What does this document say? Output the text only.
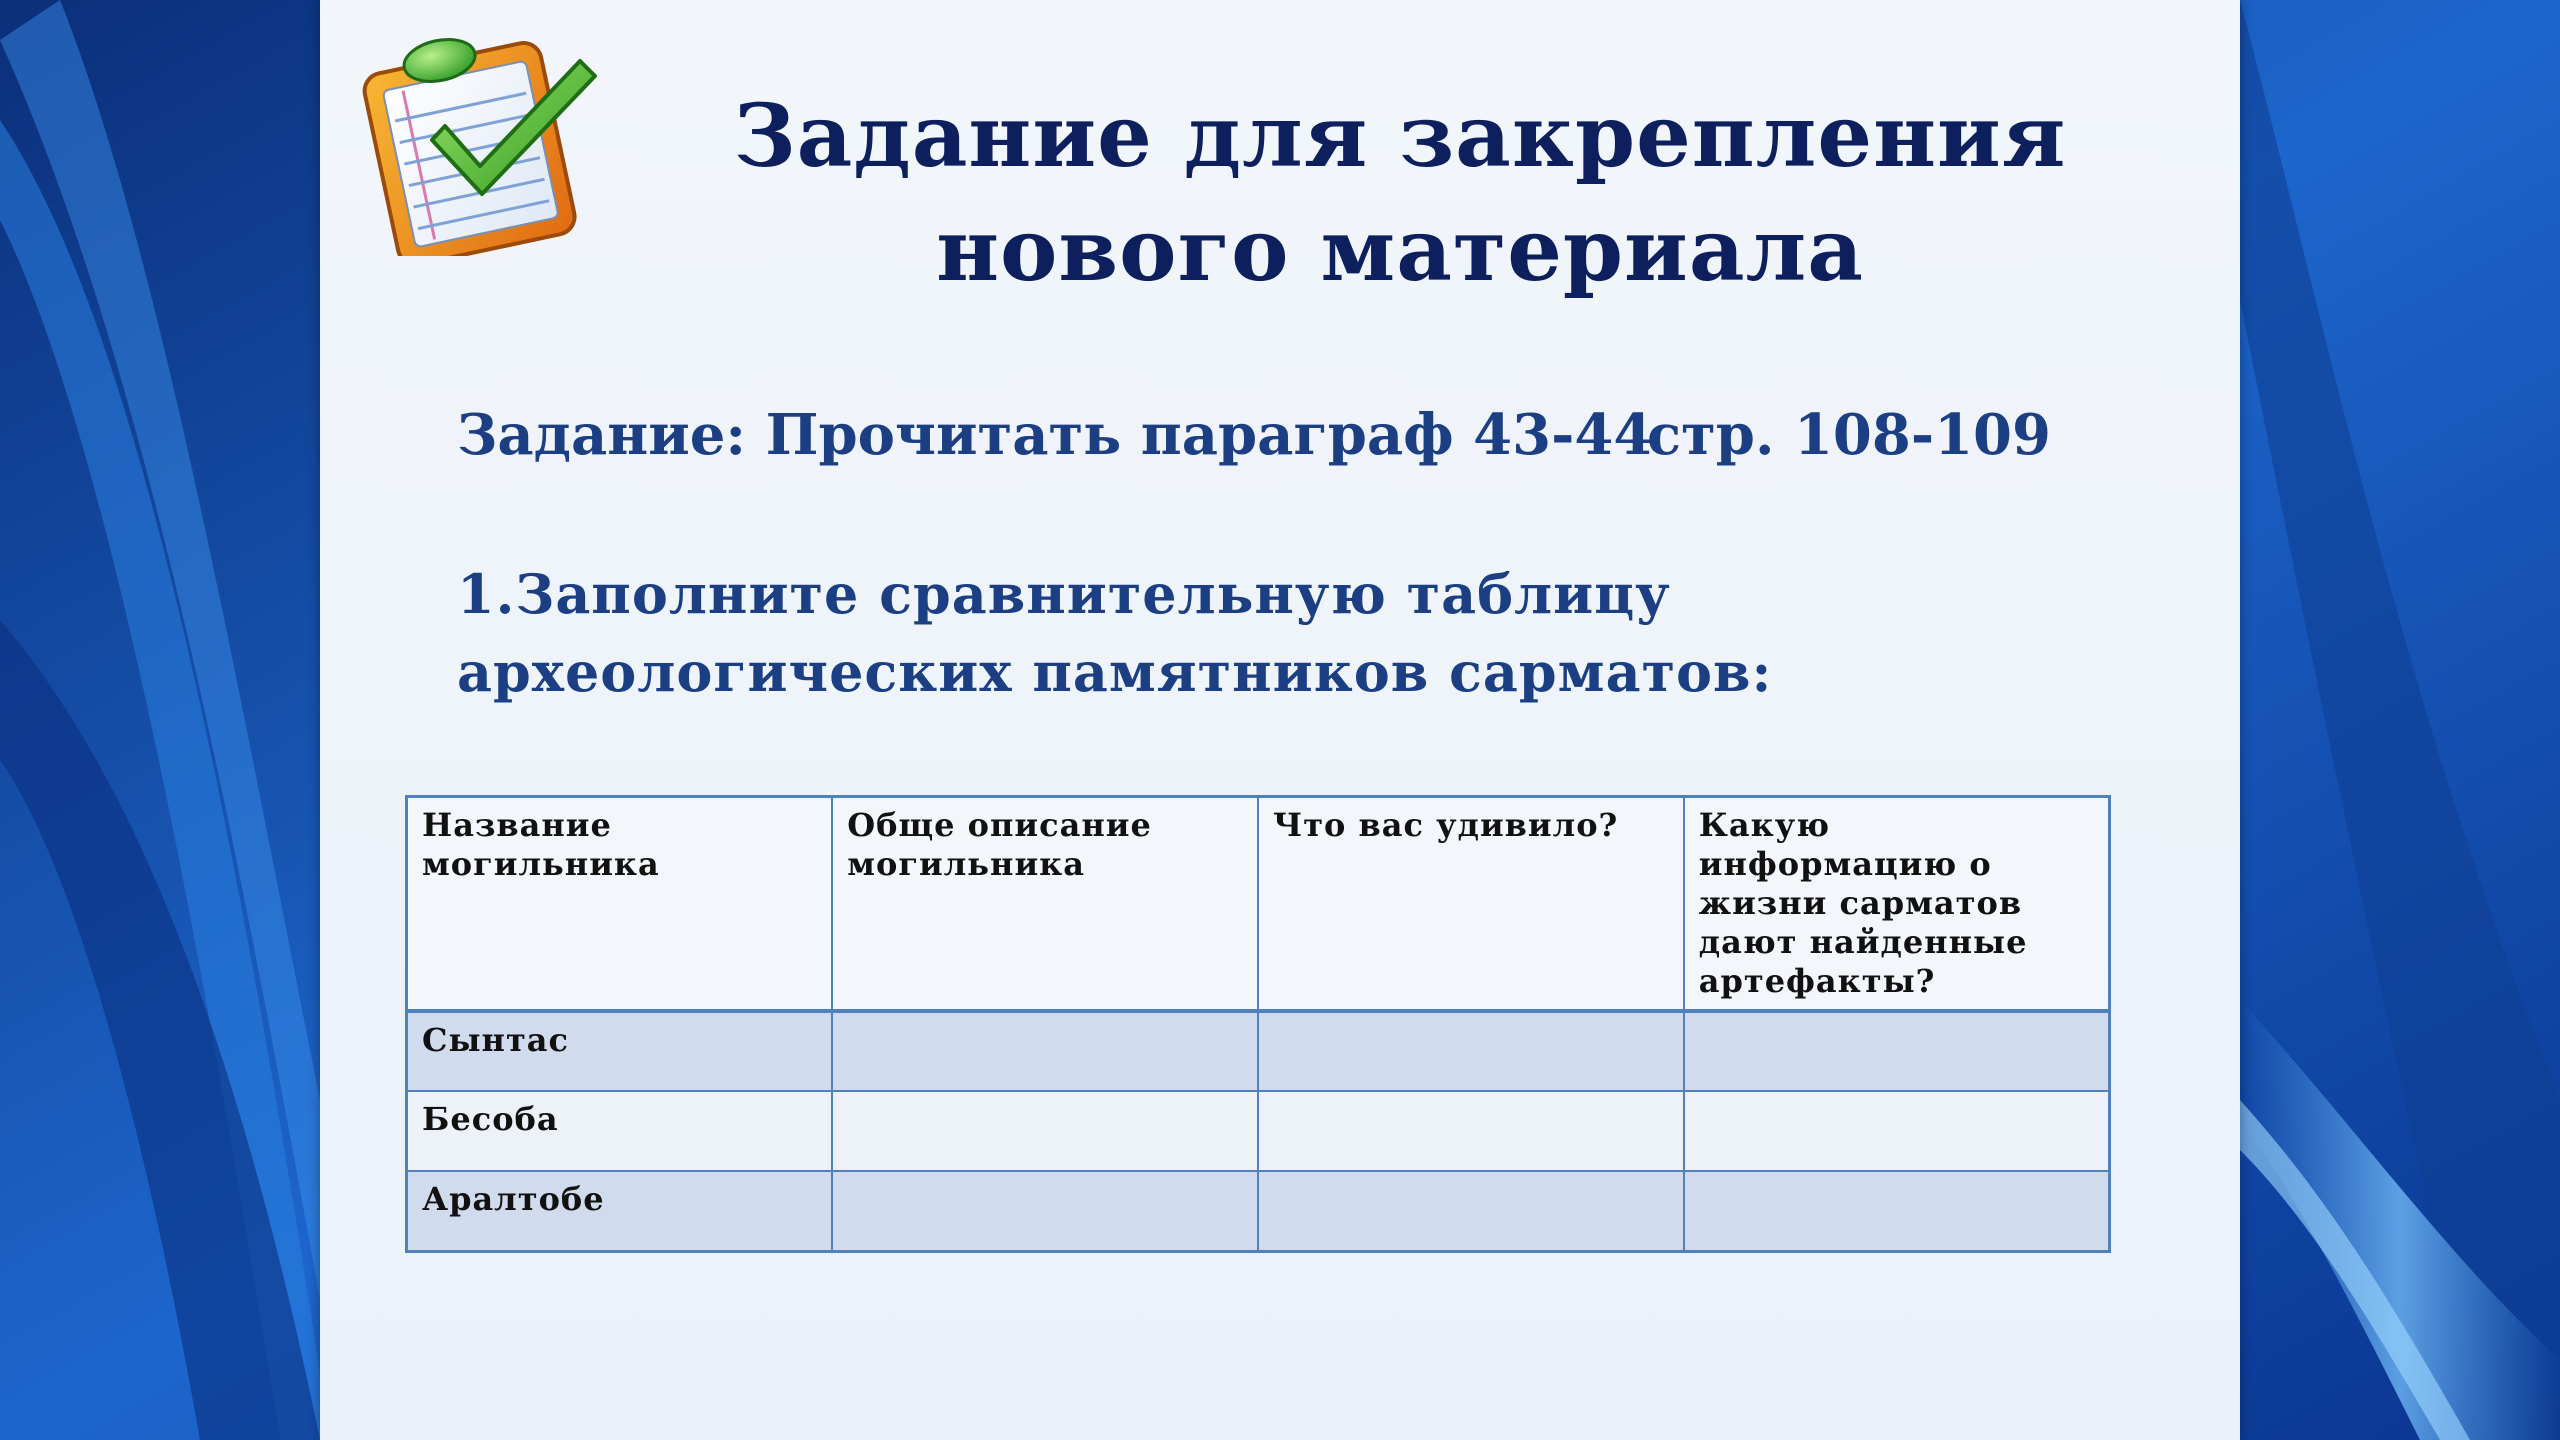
Задание для закрепления нового материала
Задание: Прочитать параграф 43-44
стр. 108-109
1.Заполните сравнительную таблицу
археологических памятников сарматов:
Название могильника	Обще описание могильника	Что вас удивило?	Какую информацию о жизни сарматов дают найденные артефакты?
Сынтас			
Бесоба			
Аралтобе			
